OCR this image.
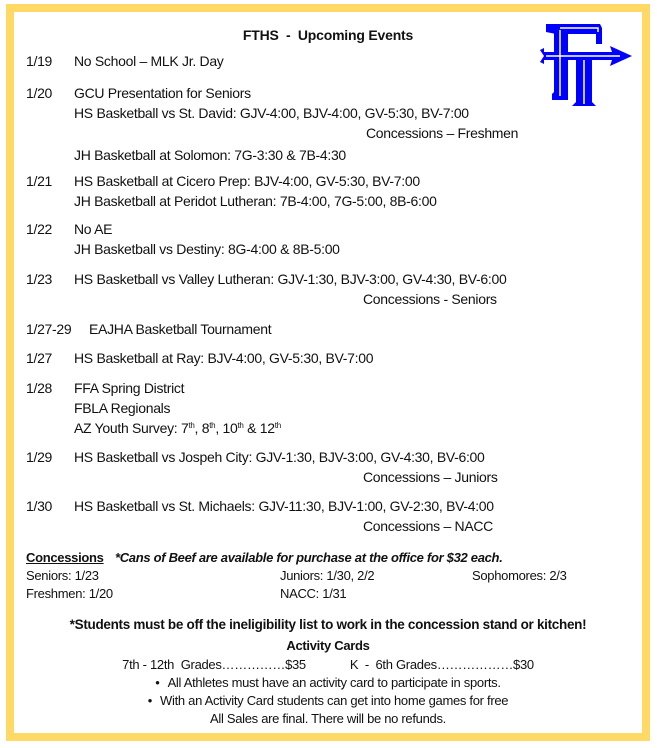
FTHS  -  Upcoming Events
1/19 No School – MLK Jr. Day
1/20 GCU Presentation for Seniors
HS Basketball vs St. David: GJV-4:00, BJV-4:00, GV-5:30, BV-7:00
Concessions – Freshmen
JH Basketball at Solomon: 7G-3:30 & 7B-4:30
1/21 HS Basketball at Cicero Prep: BJV-4:00, GV-5:30, BV-7:00
JH Basketball at Peridot Lutheran: 7B-4:00, 7G-5:00, 8B-6:00
1/22 No AE
JH Basketball vs Destiny: 8G-4:00 & 8B-5:00
1/23 HS Basketball vs Valley Lutheran: GJV-1:30, BJV-3:00, GV-4:30, BV-6:00
Concessions - Seniors
1/27-29 EAJHA Basketball Tournament
1/27 HS Basketball at Ray: BJV-4:00, GV-5:30, BV-7:00
1/28 FFA Spring District
FBLA Regionals
AZ Youth Survey: 7th, 8th, 10th & 12th
1/29 HS Basketball vs Jospeh City: GJV-1:30, BJV-3:00, GV-4:30, BV-6:00
Concessions – Juniors
1/30 HS Basketball vs St. Michaels: GJV-11:30, BJV-1:00, GV-2:30, BV-4:00
Concessions – NACC
Concessions *Cans of Beef are available for purchase at the office for $32 each.
Seniors: 1/23	Juniors: 1/30, 2/2	Sophomores: 2/3
Freshmen: 1/20	NACC: 1/31
*Students must be off the ineligibility list to work in the concession stand or kitchen!
Activity Cards
7th - 12th  Grades……………$35	K  -  6th Grades………………$30
• All Athletes must have an activity card to participate in sports.
• With an Activity Card students can get into home games for free
All Sales are final. There will be no refunds.
